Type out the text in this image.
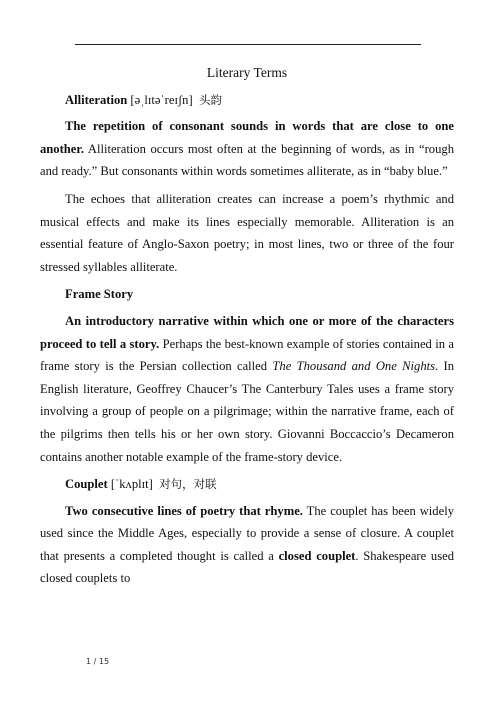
Literary Terms
Alliteration [əˌlɪtəˈreɪʃn] 头韵
The repetition of consonant sounds in words that are close to one another. Alliteration occurs most often at the beginning of words, as in “rough and ready.” But consonants within words sometimes alliterate, as in “baby blue.”
The echoes that alliteration creates can increase a poem’s rhythmic and musical effects and make its lines especially memorable. Alliteration is an essential feature of Anglo-Saxon poetry; in most lines, two or three of the four stressed syllables alliterate.
Frame Story
An introductory narrative within which one or more of the characters proceed to tell a story. Perhaps the best-known example of stories contained in a frame story is the Persian collection called The Thousand and One Nights. In English literature, Geoffrey Chaucer’s The Canterbury Tales uses a frame story involving a group of people on a pilgrimage; within the narrative frame, each of the pilgrims then tells his or her own story. Giovanni Boccaccio’s Decameron contains another notable example of the frame-story device.
Couplet [ˈkʌplɪt] 对句，对联
Two consecutive lines of poetry that rhyme. The couplet has been widely used since the Middle Ages, especially to provide a sense of closure. A couplet that presents a completed thought is called a closed couplet. Shakespeare used closed couplets to
1 / 15
